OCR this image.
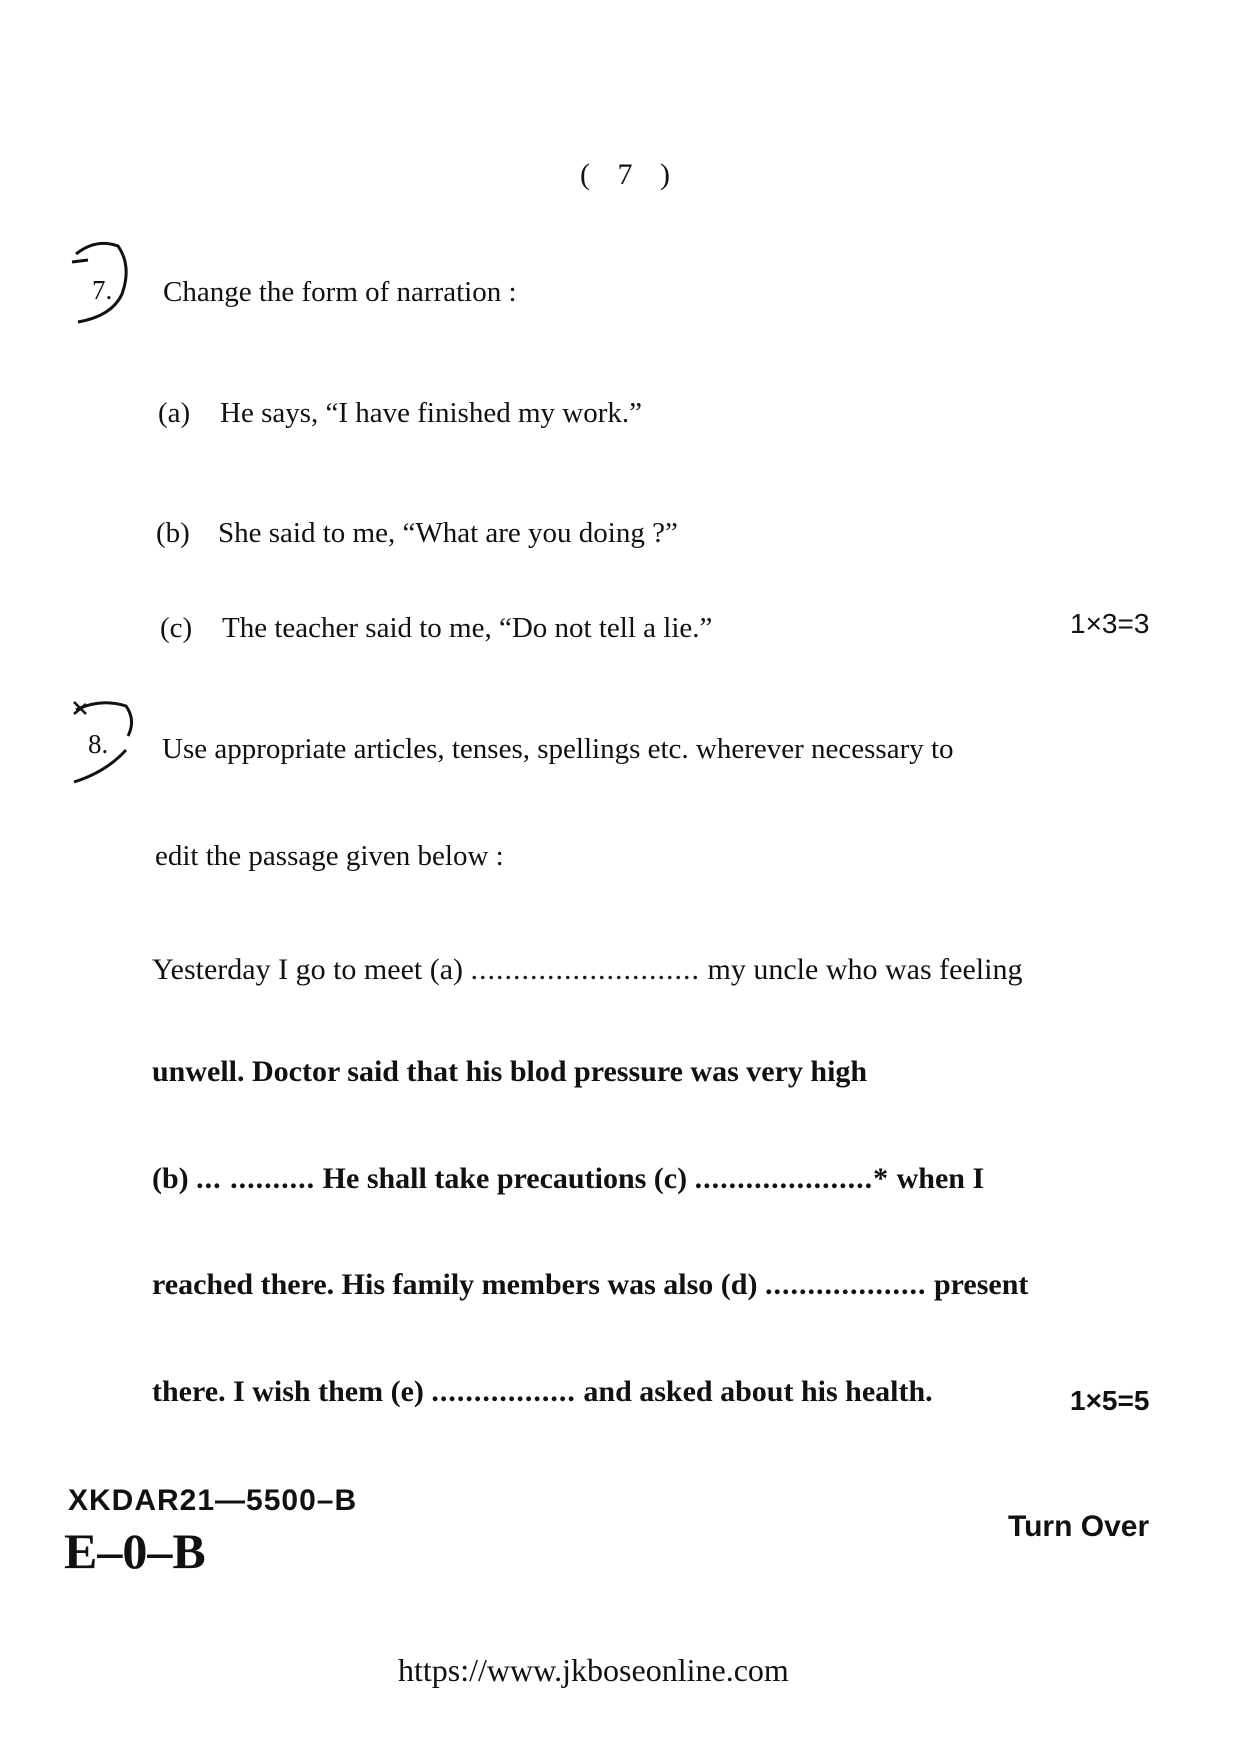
( 7 )
7. Change the form of narration :
(a) He says, “I have finished my work.”
(b) She said to me, “What are you doing ?”
(c) The teacher said to me, “Do not tell a lie.”	1×3=3
8. Use appropriate articles, tenses, spellings etc. wherever necessary to
edit the passage given below :
Yesterday I go to meet (a) ........................... my uncle who was feeling
unwell. Doctor said that his blod pressure was very high
(b) ... .......... He shall take precautions (c) .....................* when I
reached there. His family members was also (d) ................... present
there. I wish them (e) ................. and asked about his health.	1×5=5
XKDAR21—5500–B
E–0–B	Turn Over
https://www.jkboseonline.com
